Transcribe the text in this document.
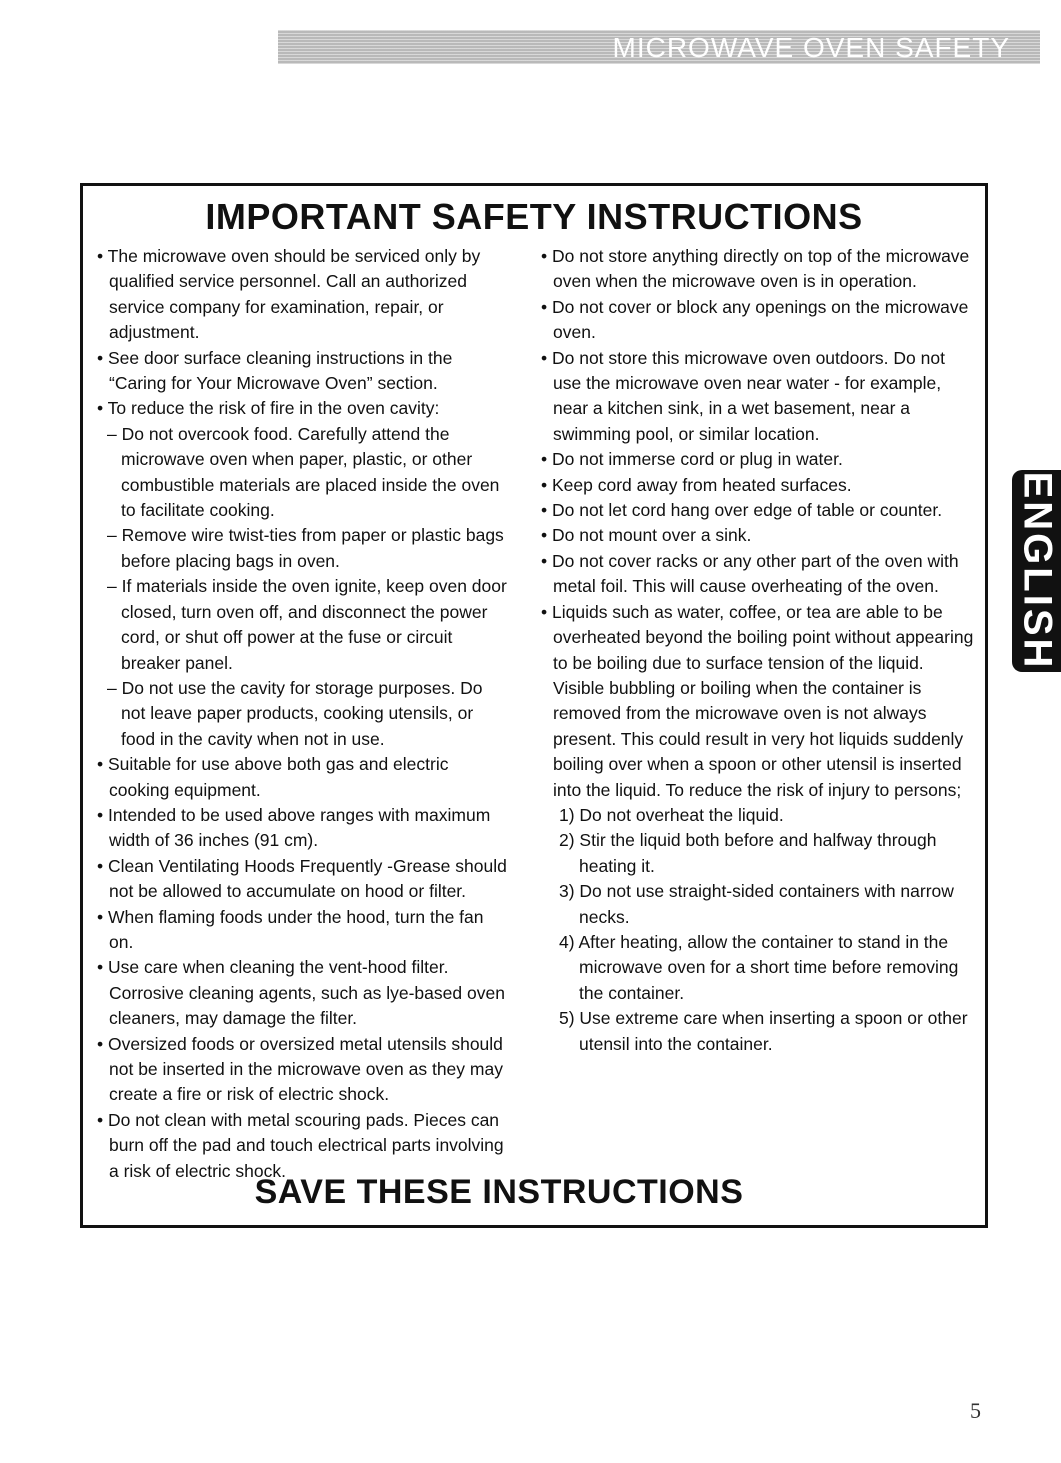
MICROWAVE OVEN SAFETY
IMPORTANT SAFETY INSTRUCTIONS

• The microwave oven should be serviced only by qualified service personnel. Call an authorized service company for examination, repair, or adjustment.

• See door surface cleaning instructions in the “Caring for Your Microwave Oven” section.

• To reduce the risk of fire in the oven cavity:

– Do not overcook food. Carefully attend the microwave oven when paper, plastic, or other combustible materials are placed inside the oven to facilitate cooking.

– Remove wire twist-ties from paper or plastic bags before placing bags in oven.

– If materials inside the oven ignite, keep oven door closed, turn oven off, and disconnect the power cord, or shut off power at the fuse or circuit breaker panel.

– Do not use the cavity for storage purposes. Do not leave paper products, cooking utensils, or food in the cavity when not in use.

• Suitable for use above both gas and electric cooking equipment.

• Intended to be used above ranges with maximum width of 36 inches (91 cm).

• Clean Ventilating Hoods Frequently -Grease should not be allowed to accumulate on hood or filter.

• When flaming foods under the hood, turn the fan on.

• Use care when cleaning the vent-hood filter. Corrosive cleaning agents, such as lye-based oven cleaners, may damage the filter.

• Oversized foods or oversized metal utensils should not be inserted in the microwave oven as they may create a fire or risk of electric shock.

• Do not clean with metal scouring pads. Pieces can burn off the pad and touch electrical parts involving a risk of electric shock.

• Do not store anything directly on top of the microwave oven when the microwave oven is in operation.

• Do not cover or block any openings on the microwave oven.

• Do not store this microwave oven outdoors. Do not use the microwave oven near water - for example, near a kitchen sink, in a wet basement, near a swimming pool, or similar location.

• Do not immerse cord or plug in water.

• Keep cord away from heated surfaces.

• Do not let cord hang over edge of table or counter.

• Do not mount over a sink.

• Do not cover racks or any other part of the oven with metal foil. This will cause overheating of the oven.

• Liquids such as water, coffee, or tea are able to be overheated beyond the boiling point without appearing to be boiling due to surface tension of the liquid. Visible bubbling or boiling when the container is removed from the microwave oven is not always present. This could result in very hot liquids suddenly boiling over when a spoon or other utensil is inserted into the liquid. To reduce the risk of injury to persons;

1) Do not overheat the liquid.

2) Stir the liquid both before and halfway through heating it.

3) Do not use straight-sided containers with narrow necks.

4) After heating, allow the container to stand in the microwave oven for a short time before removing the container.

5) Use extreme care when inserting a spoon or other utensil into the container.

SAVE THESE INSTRUCTIONS
ENGLISH
5
